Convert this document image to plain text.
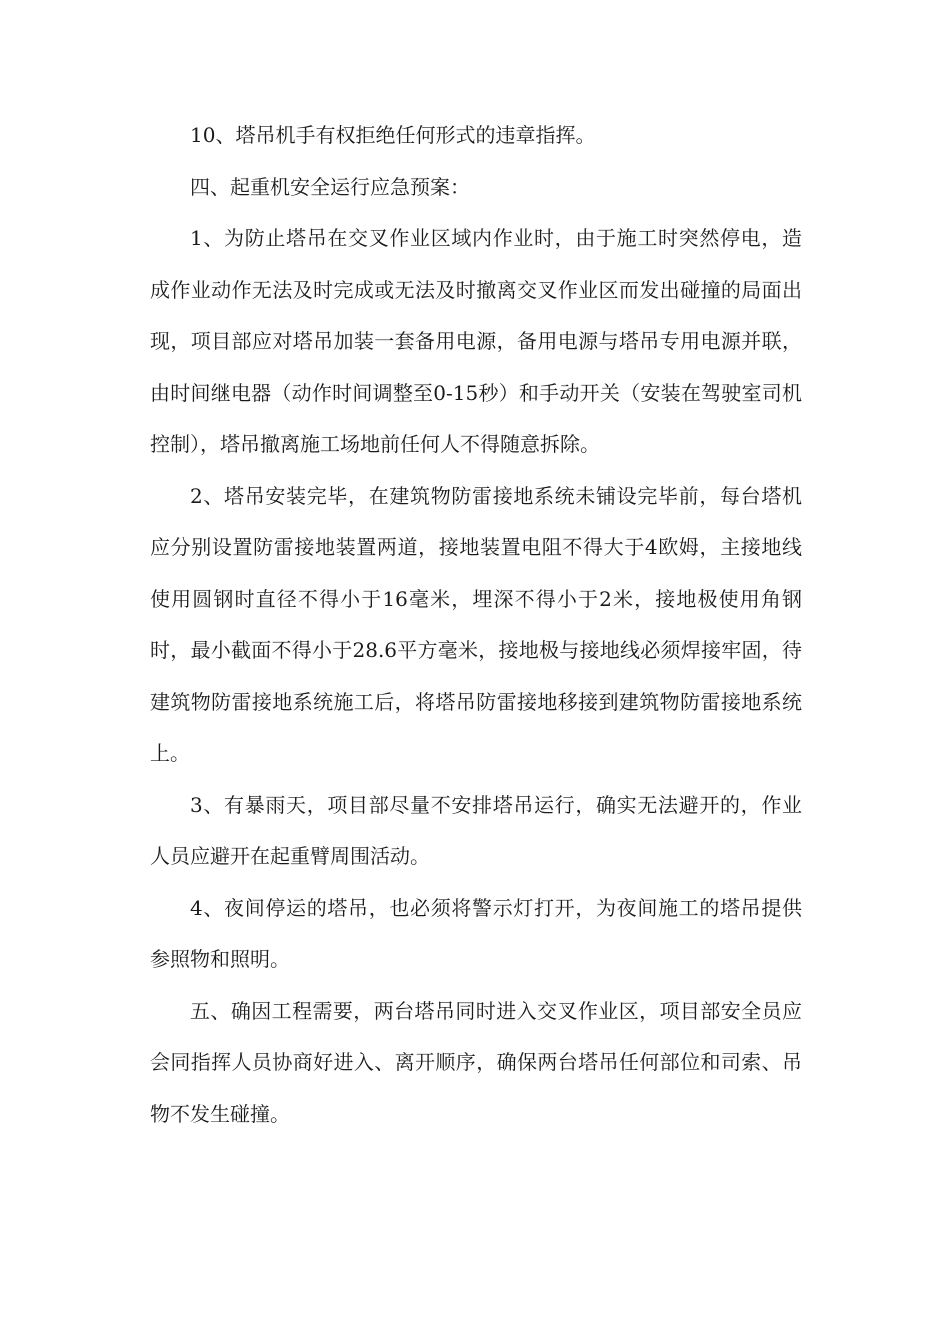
10、塔吊机手有权拒绝任何形式的违章指挥。

四、起重机安全运行应急预案：

1、为防止塔吊在交叉作业区域内作业时，由于施工时突然停电，造成作业动作无法及时完成或无法及时撤离交叉作业区而发出碰撞的局面出现，项目部应对塔吊加装一套备用电源，备用电源与塔吊专用电源并联，由时间继电器（动作时间调整至0-15秒）和手动开关（安装在驾驶室司机控制），塔吊撤离施工场地前任何人不得随意拆除。

2、塔吊安装完毕，在建筑物防雷接地系统未铺设完毕前，每台塔机应分别设置防雷接地装置两道，接地装置电阻不得大于4欧姆，主接地线使用圆钢时直径不得小于16毫米，埋深不得小于2米，接地极使用角钢时，最小截面不得小于28.6平方毫米，接地极与接地线必须焊接牢固，待建筑物防雷接地系统施工后，将塔吊防雷接地移接到建筑物防雷接地系统上。

3、有暴雨天，项目部尽量不安排塔吊运行，确实无法避开的，作业人员应避开在起重臂周围活动。

4、夜间停运的塔吊，也必须将警示灯打开，为夜间施工的塔吊提供参照物和照明。

五、确因工程需要，两台塔吊同时进入交叉作业区，项目部安全员应会同指挥人员协商好进入、离开顺序，确保两台塔吊任何部位和司索、吊物不发生碰撞。
